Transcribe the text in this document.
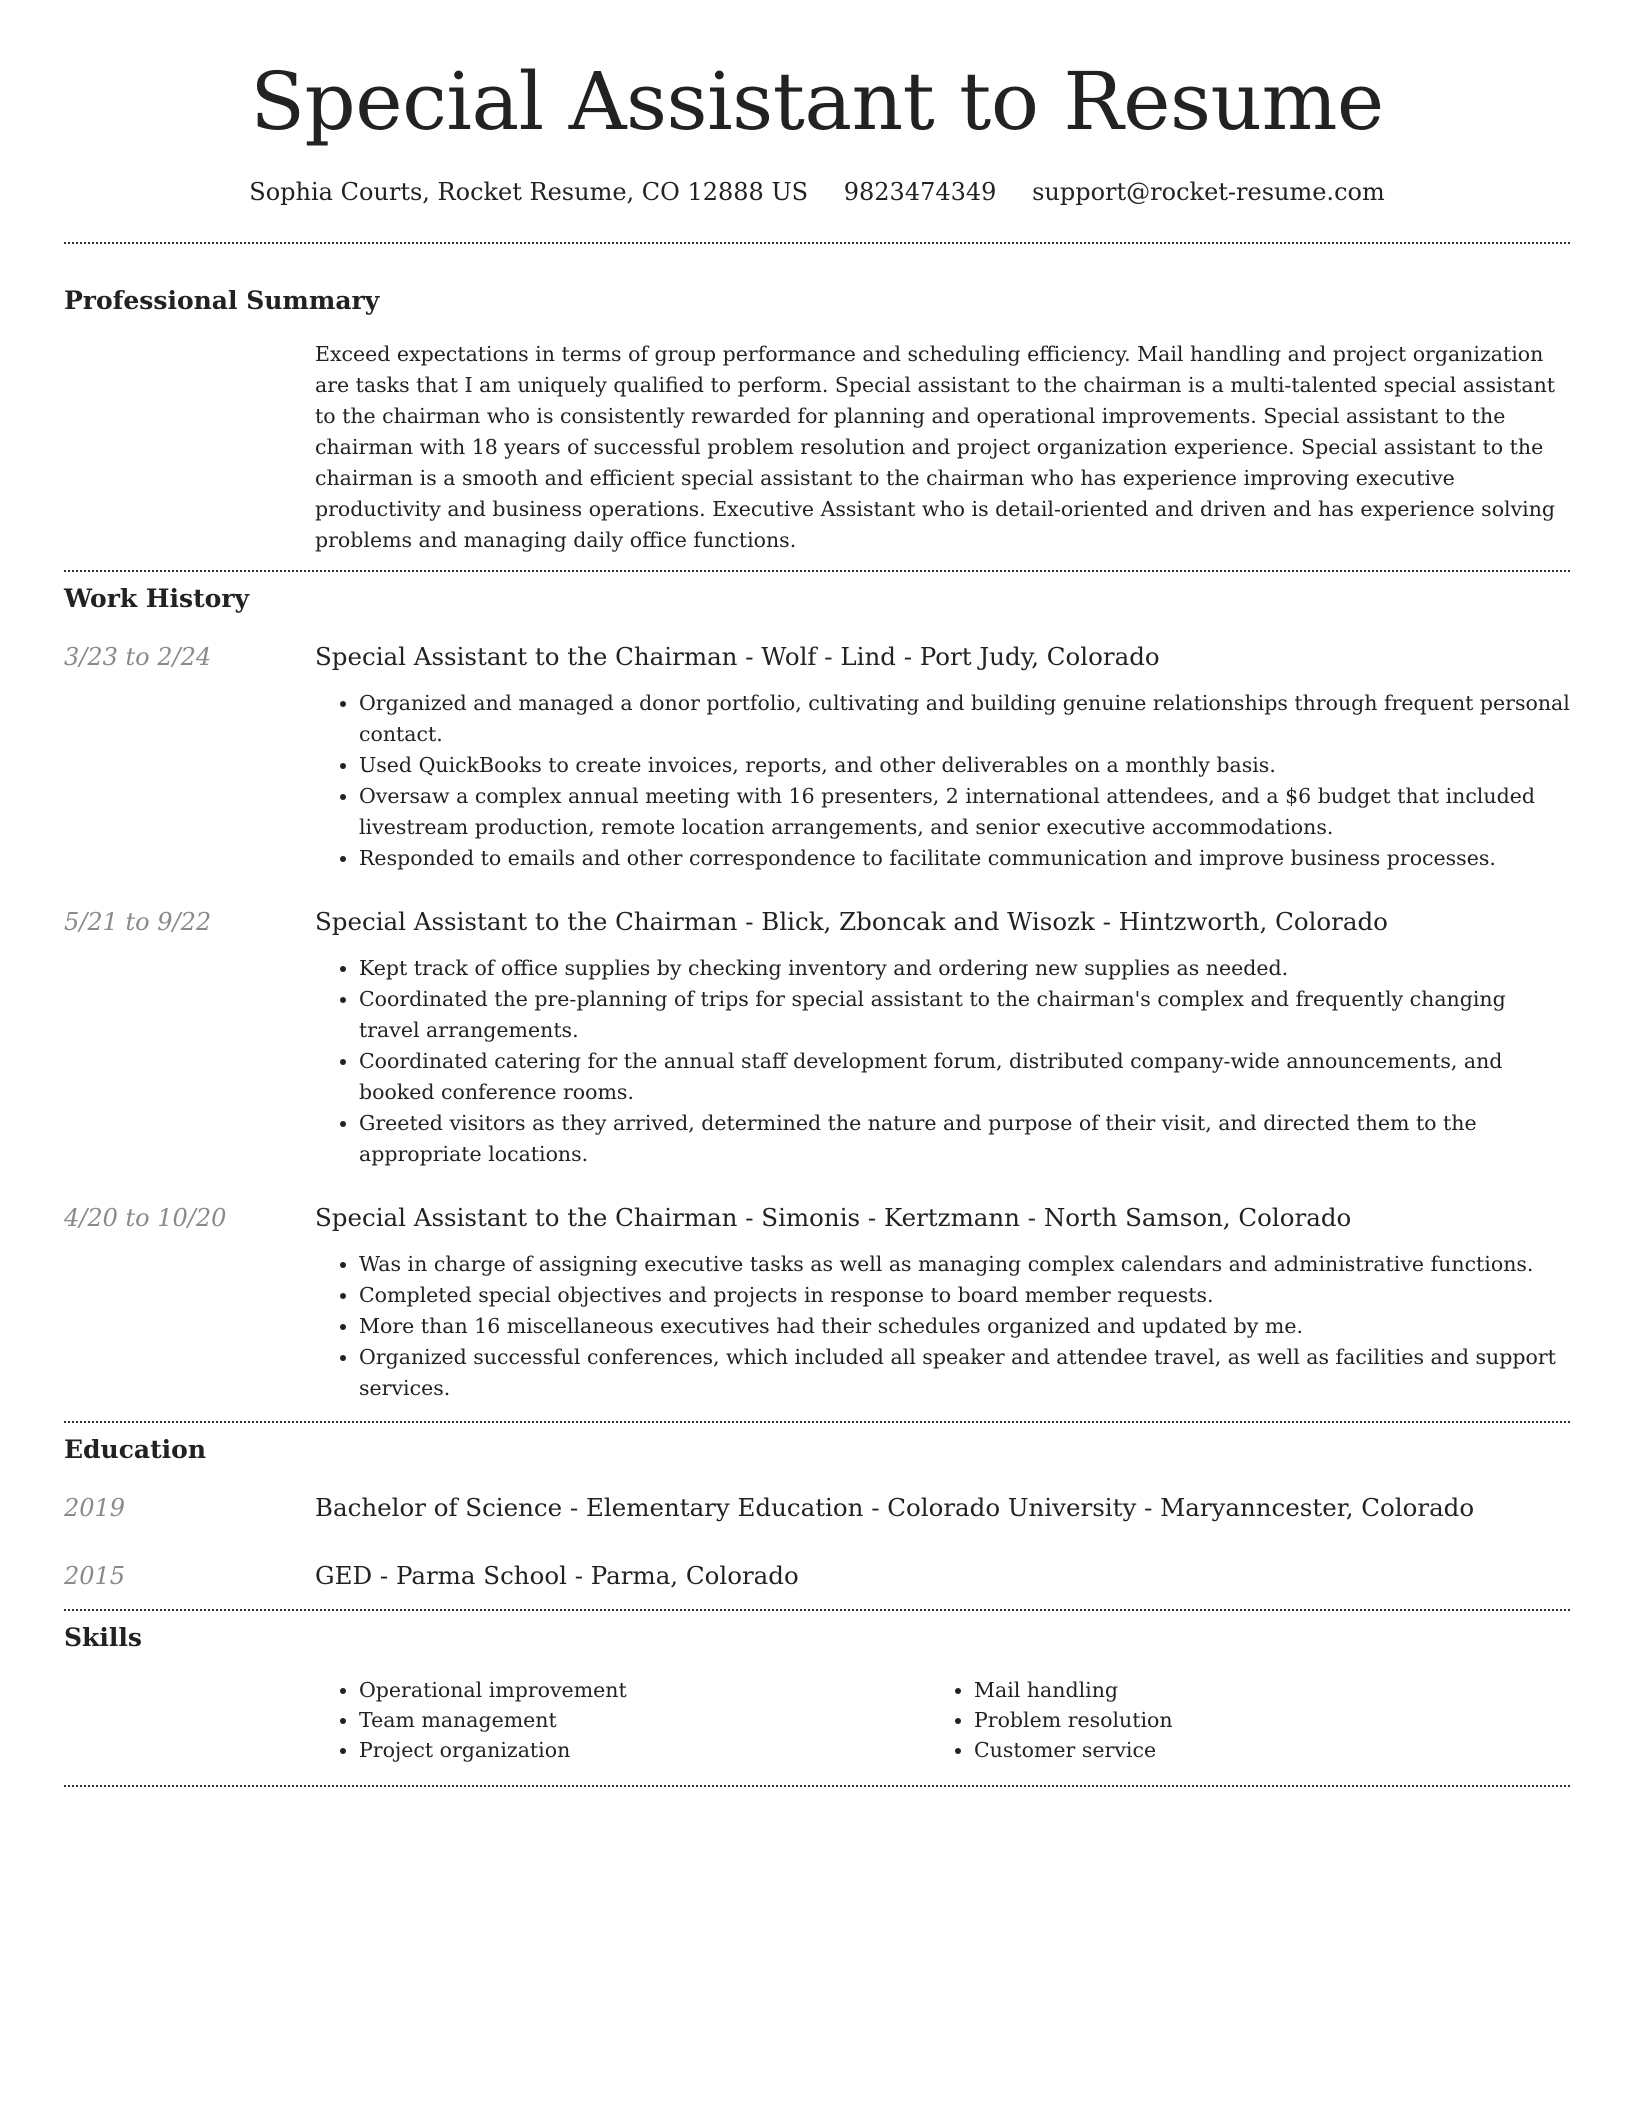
Special Assistant to Resume
Sophia Courts, Rocket Resume, CO 12888 US 9823474349 support@rocket-resume.com
Professional Summary

Exceed expectations in terms of group performance and scheduling efficiency. Mail handling and project organization are tasks that I am uniquely qualified to perform. Special assistant to the chairman is a multi-talented special assistant to the chairman who is consistently rewarded for planning and operational improvements. Special assistant to the chairman with 18 years of successful problem resolution and project organization experience. Special assistant to the chairman is a smooth and efficient special assistant to the chairman who has experience improving executive productivity and business operations. Executive Assistant who is detail-oriented and driven and has experience solving problems and managing daily office functions.

Work History
3/23 to 2/24	Special Assistant to the Chairman - Wolf - Lind - Port Judy, Colorado
• Organized and managed a donor portfolio, cultivating and building genuine relationships through frequent personal contact.
• Used QuickBooks to create invoices, reports, and other deliverables on a monthly basis.
• Oversaw a complex annual meeting with 16 presenters, 2 international attendees, and a $6 budget that included livestream production, remote location arrangements, and senior executive accommodations.
• Responded to emails and other correspondence to facilitate communication and improve business processes.
5/21 to 9/22	Special Assistant to the Chairman - Blick, Zboncak and Wisozk - Hintzworth, Colorado
• Kept track of office supplies by checking inventory and ordering new supplies as needed.
• Coordinated the pre-planning of trips for special assistant to the chairman's complex and frequently changing travel arrangements.
• Coordinated catering for the annual staff development forum, distributed company-wide announcements, and booked conference rooms.
• Greeted visitors as they arrived, determined the nature and purpose of their visit, and directed them to the appropriate locations.
4/20 to 10/20	Special Assistant to the Chairman - Simonis - Kertzmann - North Samson, Colorado
• Was in charge of assigning executive tasks as well as managing complex calendars and administrative functions.
• Completed special objectives and projects in response to board member requests.
• More than 16 miscellaneous executives had their schedules organized and updated by me.
• Organized successful conferences, which included all speaker and attendee travel, as well as facilities and support services.
Education
2019	Bachelor of Science - Elementary Education - Colorado University - Maryanncester, Colorado
2015	GED - Parma School - Parma, Colorado
Skills
• Operational improvement
• Team management
• Project organization
• Mail handling
• Problem resolution
• Customer service
